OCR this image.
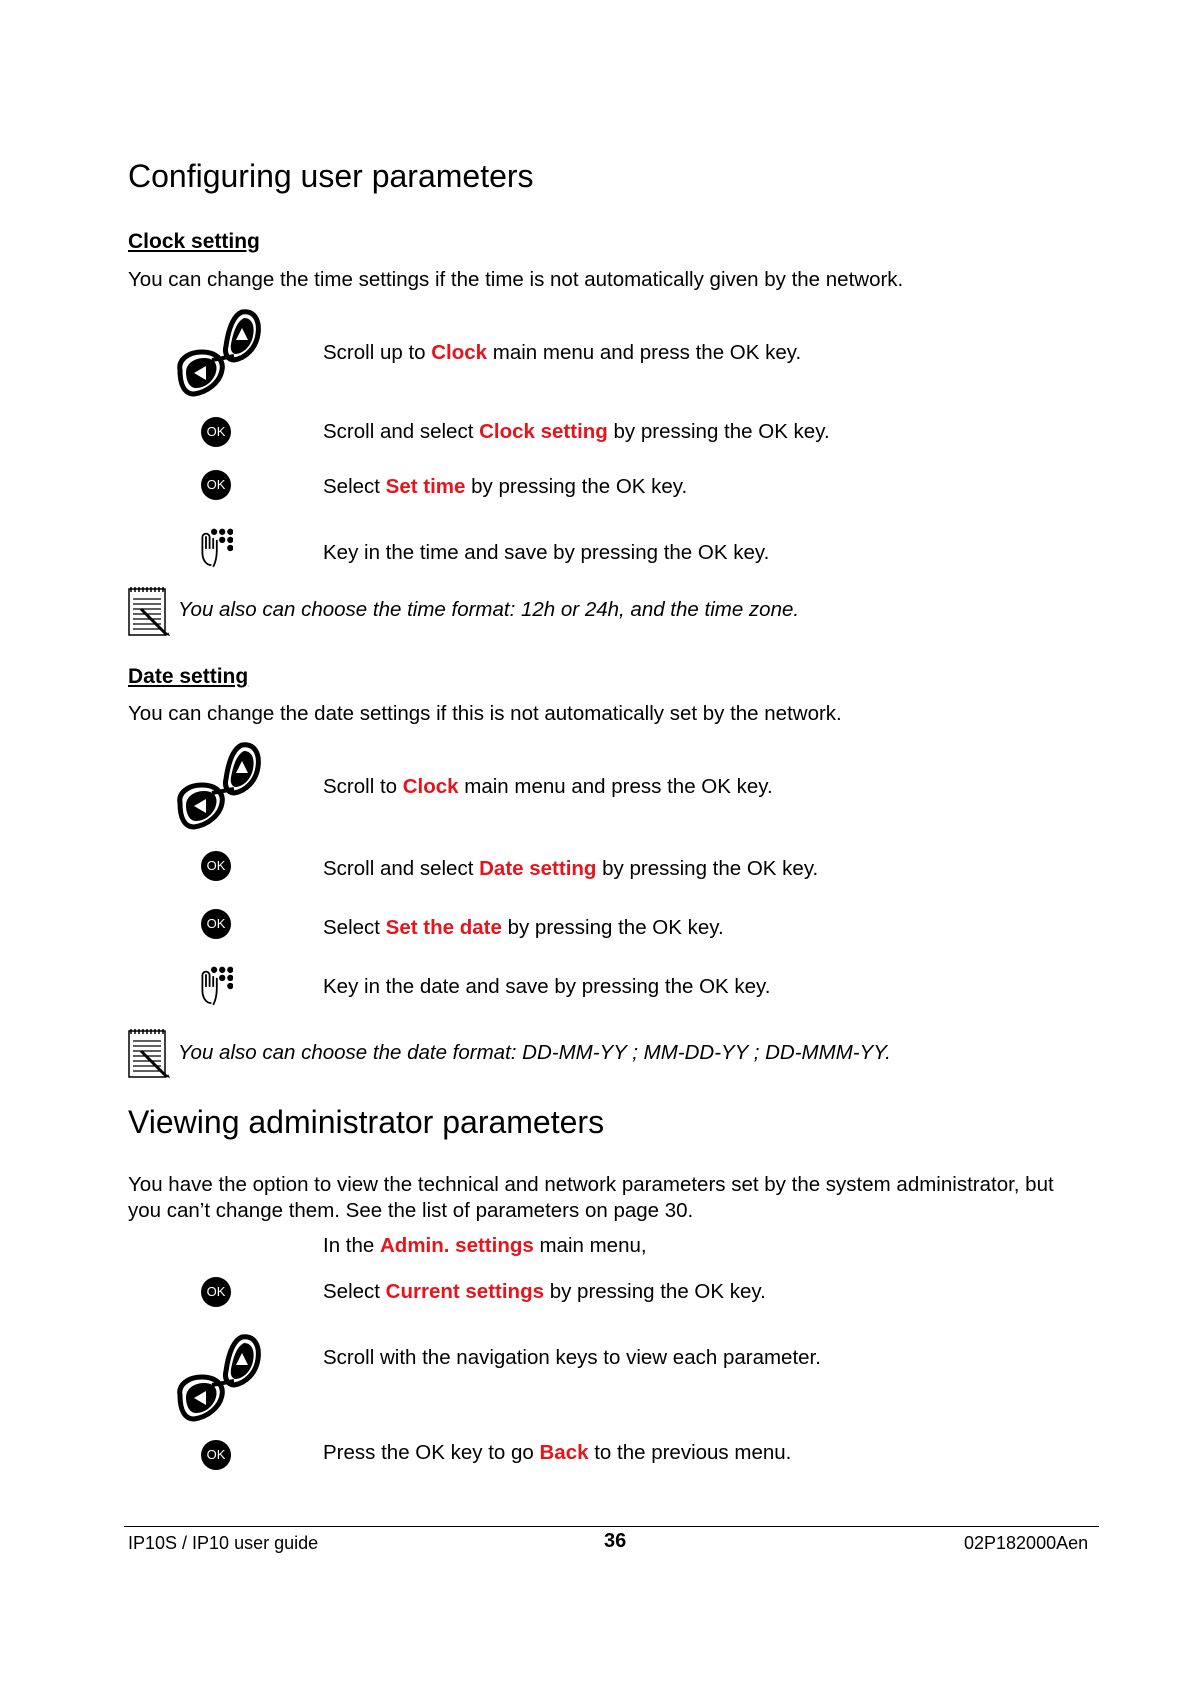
Configuring user parameters
Clock setting
You can change the time settings if the time is not automatically given by the network.
Scroll up to Clock main menu and press the OK key.
OK	Scroll and select Clock setting by pressing the OK key.
OK	Select Set time by pressing the OK key.
Key in the time and save by pressing the OK key.
You also can choose the time format: 12h or 24h, and the time zone.
Date setting
You can change the date settings if this is not automatically set by the network.
Scroll to Clock main menu and press the OK key.
OK	Scroll and select Date setting by pressing the OK key.
OK	Select Set the date by pressing the OK key.
Key in the date and save by pressing the OK key.
You also can choose the date format: DD-MM-YY ; MM-DD-YY ; DD-MMM-YY.
Viewing administrator parameters
You have the option to view the technical and network parameters set by the system administrator, but
you can’t change them. See the list of parameters on page 30.
In the Admin. settings main menu,
OK	Select Current settings by pressing the OK key.
Scroll with the navigation keys to view each parameter.
OK	Press the OK key to go Back to the previous menu.
IP10S / IP10 user guide	36	02P182000Aen
